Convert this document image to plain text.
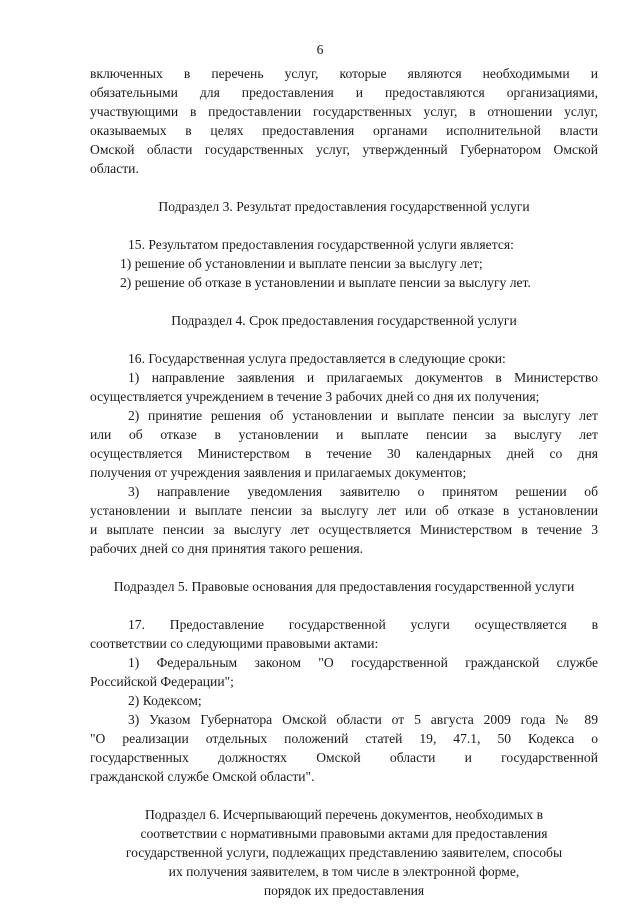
6

включенных в перечень услуг, которые являются необходимыми и

обязательными для предоставления и предоставляются организациями,

участвующими в предоставлении государственных услуг, в отношении услуг,

оказываемых в целях предоставления органами исполнительной власти

Омской области государственных услуг, утвержденный Губернатором Омской

области.

Подраздел 3. Результат предоставления государственной услуги

15. Результатом предоставления государственной услуги является:

1) решение об установлении и выплате пенсии за выслугу лет;

2) решение об отказе в установлении и выплате пенсии за выслугу лет.

Подраздел 4. Срок предоставления государственной услуги

16. Государственная услуга предоставляется в следующие сроки:

1) направление заявления и прилагаемых документов в Министерство

осуществляется учреждением в течение 3 рабочих дней со дня их получения;

2) принятие решения об установлении и выплате пенсии за выслугу лет

или об отказе в установлении и выплате пенсии за выслугу лет

осуществляется Министерством в течение 30 календарных дней со дня

получения от учреждения заявления и прилагаемых документов;

3) направление уведомления заявителю о принятом решении об

установлении и выплате пенсии за выслугу лет или об отказе в установлении

и выплате пенсии за выслугу лет осуществляется Министерством в течение 3

рабочих дней со дня принятия такого решения.

Подраздел 5. Правовые основания для предоставления государственной услуги

17. Предоставление государственной услуги осуществляется в

соответствии со следующими правовыми актами:

1) Федеральным законом "О государственной гражданской службе

Российской Федерации";

2) Кодексом;

3) Указом Губернатора Омской области от 5 августа 2009 года № 89

"О реализации отдельных положений статей 19, 47.1, 50 Кодекса о

государственных должностях Омской области и государственной

гражданской службе Омской области".

Подраздел 6. Исчерпывающий перечень документов, необходимых в

соответствии с нормативными правовыми актами для предоставления

государственной услуги, подлежащих представлению заявителем, способы

их получения заявителем, в том числе в электронной форме,

порядок их предоставления
